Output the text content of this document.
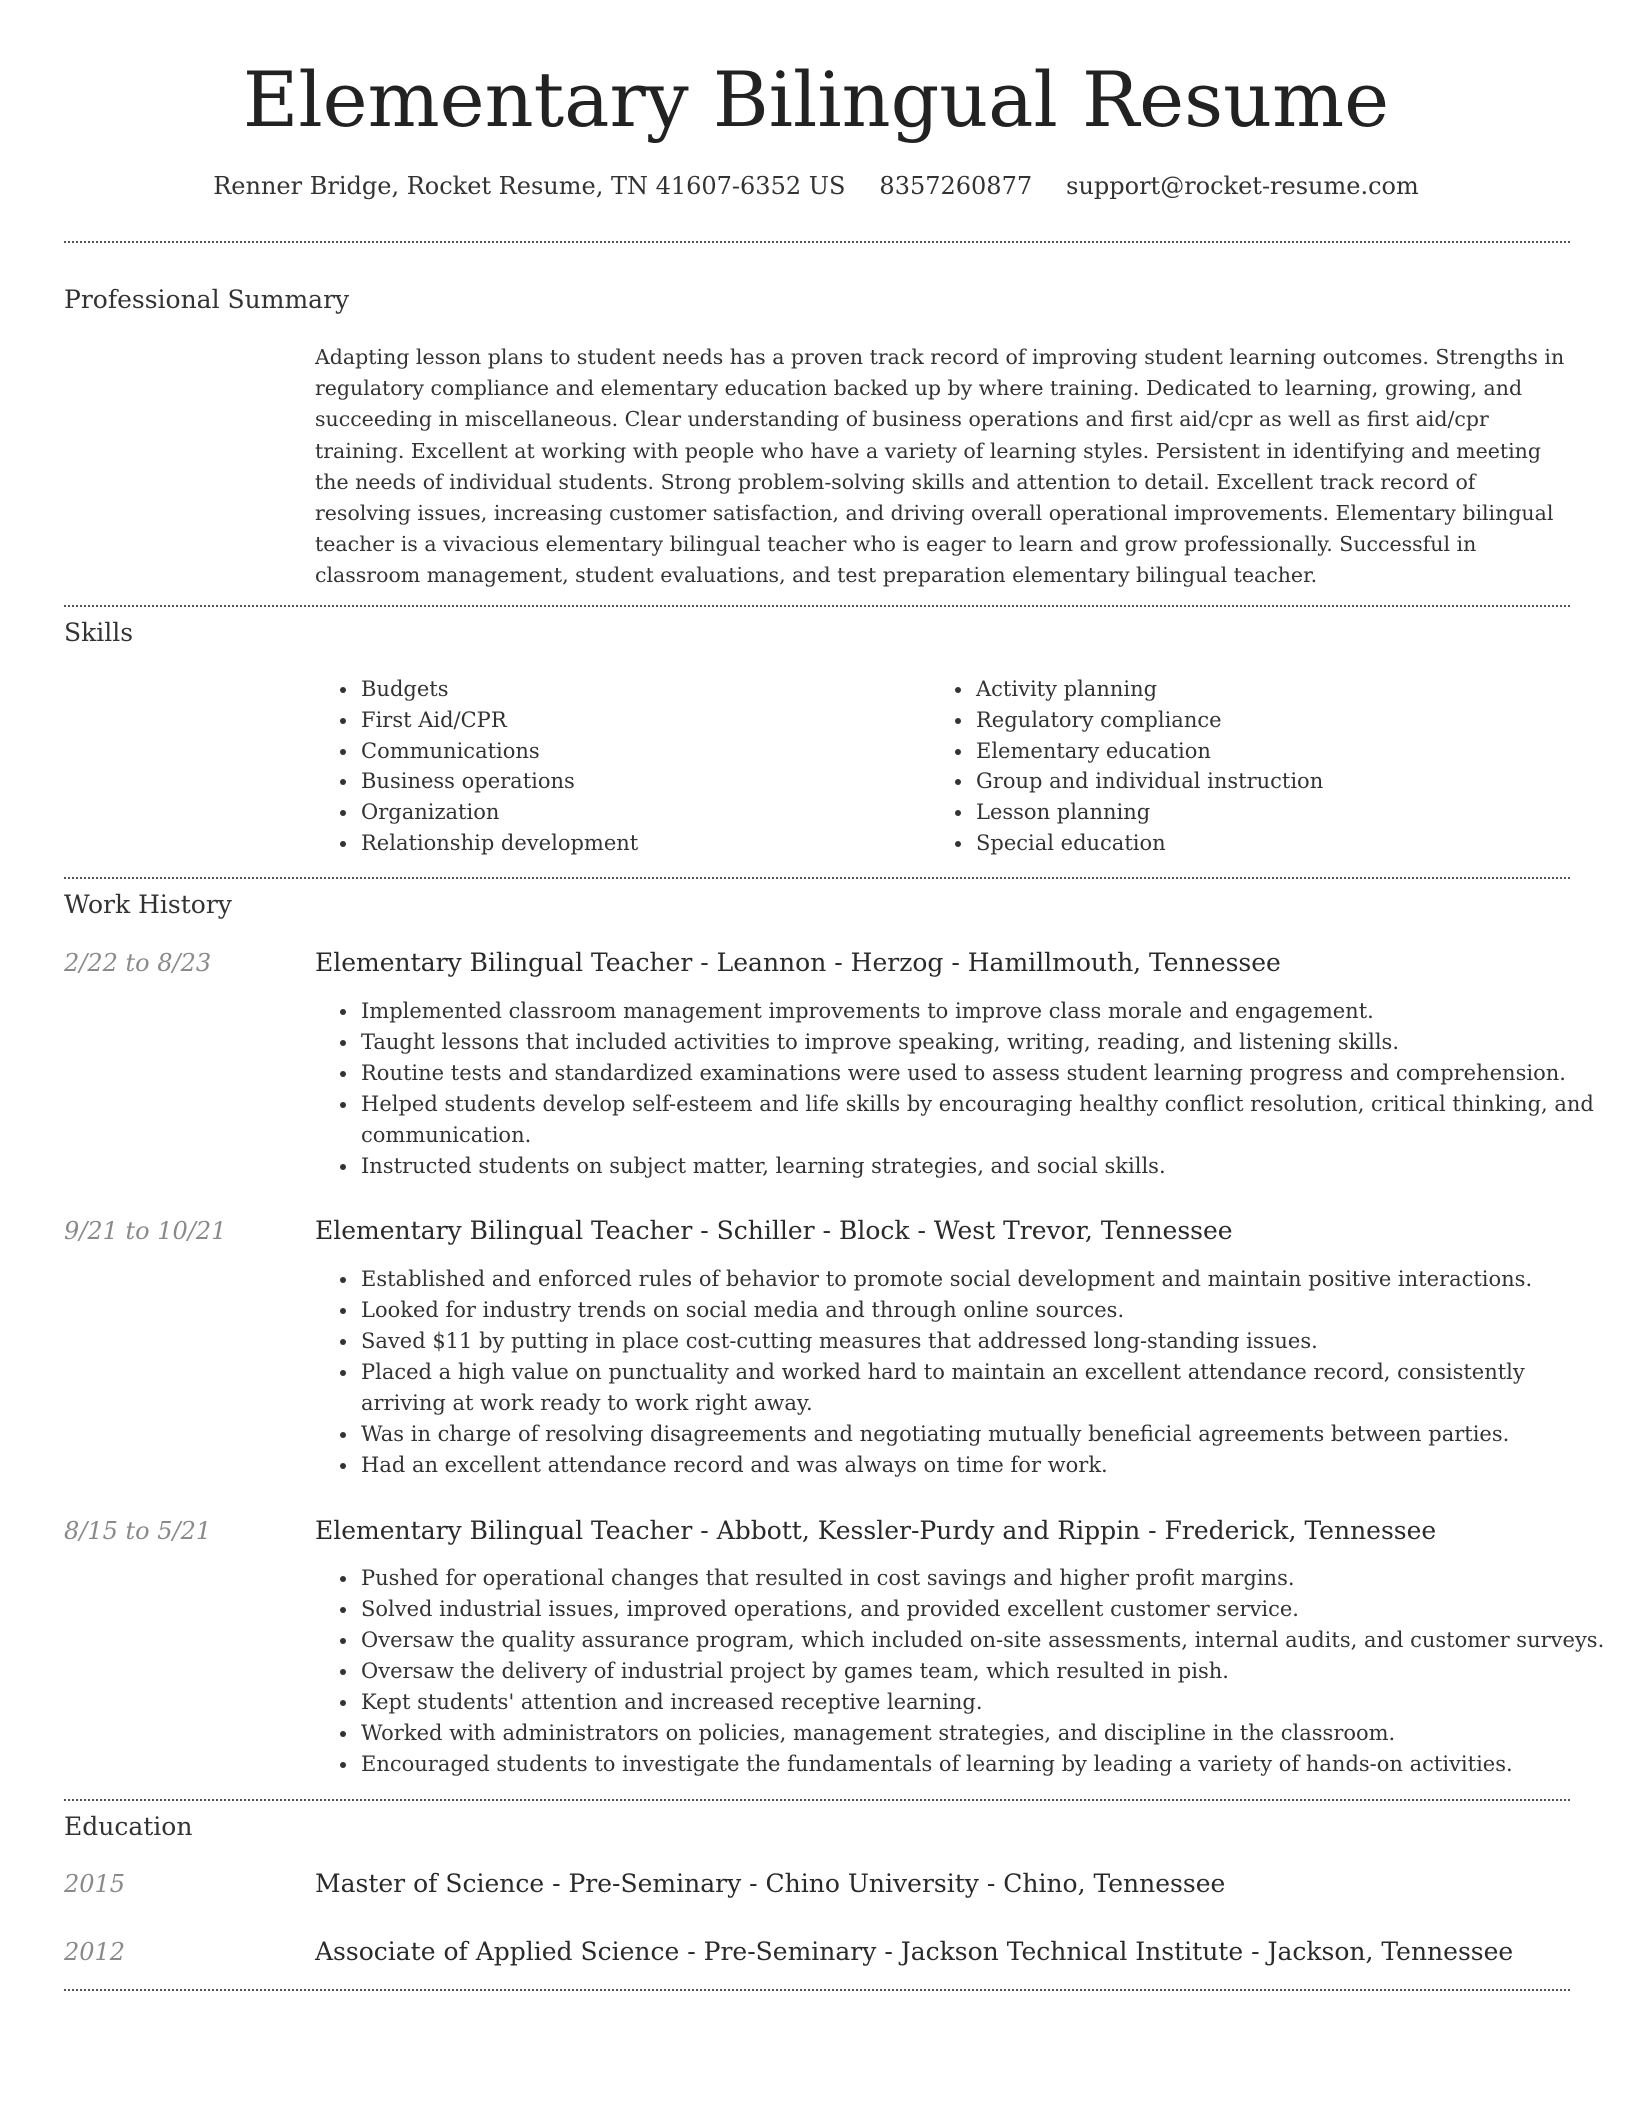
Elementary Bilingual Resume
Renner Bridge, Rocket Resume, TN 41607-6352 US 8357260877 support@rocket-resume.com
Professional Summary

Adapting lesson plans to student needs has a proven track record of improving student learning outcomes. Strengths in regulatory compliance and elementary education backed up by where training. Dedicated to learning, growing, and succeeding in miscellaneous. Clear understanding of business operations and first aid/cpr as well as first aid/cpr training. Excellent at working with people who have a variety of learning styles. Persistent in identifying and meeting the needs of individual students. Strong problem-solving skills and attention to detail. Excellent track record of resolving issues, increasing customer satisfaction, and driving overall operational improvements. Elementary bilingual teacher is a vivacious elementary bilingual teacher who is eager to learn and grow professionally. Successful in classroom management, student evaluations, and test preparation elementary bilingual teacher.

Skills
• Budgets
• First Aid/CPR
• Communications
• Business operations
• Organization
• Relationship development
• Activity planning
• Regulatory compliance
• Elementary education
• Group and individual instruction
• Lesson planning
• Special education
Work History
2/22 to 8/23	Elementary Bilingual Teacher - Leannon - Herzog - Hamillmouth, Tennessee
• Implemented classroom management improvements to improve class morale and engagement.
• Taught lessons that included activities to improve speaking, writing, reading, and listening skills.
• Routine tests and standardized examinations were used to assess student learning progress and comprehension.
• Helped students develop self-esteem and life skills by encouraging healthy conflict resolution, critical thinking, and communication.
• Instructed students on subject matter, learning strategies, and social skills.
9/21 to 10/21	Elementary Bilingual Teacher - Schiller - Block - West Trevor, Tennessee
• Established and enforced rules of behavior to promote social development and maintain positive interactions.
• Looked for industry trends on social media and through online sources.
• Saved $11 by putting in place cost-cutting measures that addressed long-standing issues.
• Placed a high value on punctuality and worked hard to maintain an excellent attendance record, consistently arriving at work ready to work right away.
• Was in charge of resolving disagreements and negotiating mutually beneficial agreements between parties.
• Had an excellent attendance record and was always on time for work.
8/15 to 5/21	Elementary Bilingual Teacher - Abbott, Kessler-Purdy and Rippin - Frederick, Tennessee
• Pushed for operational changes that resulted in cost savings and higher profit margins.
• Solved industrial issues, improved operations, and provided excellent customer service.
• Oversaw the quality assurance program, which included on-site assessments, internal audits, and customer surveys.
• Oversaw the delivery of industrial project by games team, which resulted in pish.
• Kept students' attention and increased receptive learning.
• Worked with administrators on policies, management strategies, and discipline in the classroom.
• Encouraged students to investigate the fundamentals of learning by leading a variety of hands-on activities.
Education
2015	Master of Science - Pre-Seminary - Chino University - Chino, Tennessee
2012	Associate of Applied Science - Pre-Seminary - Jackson Technical Institute - Jackson, Tennessee
